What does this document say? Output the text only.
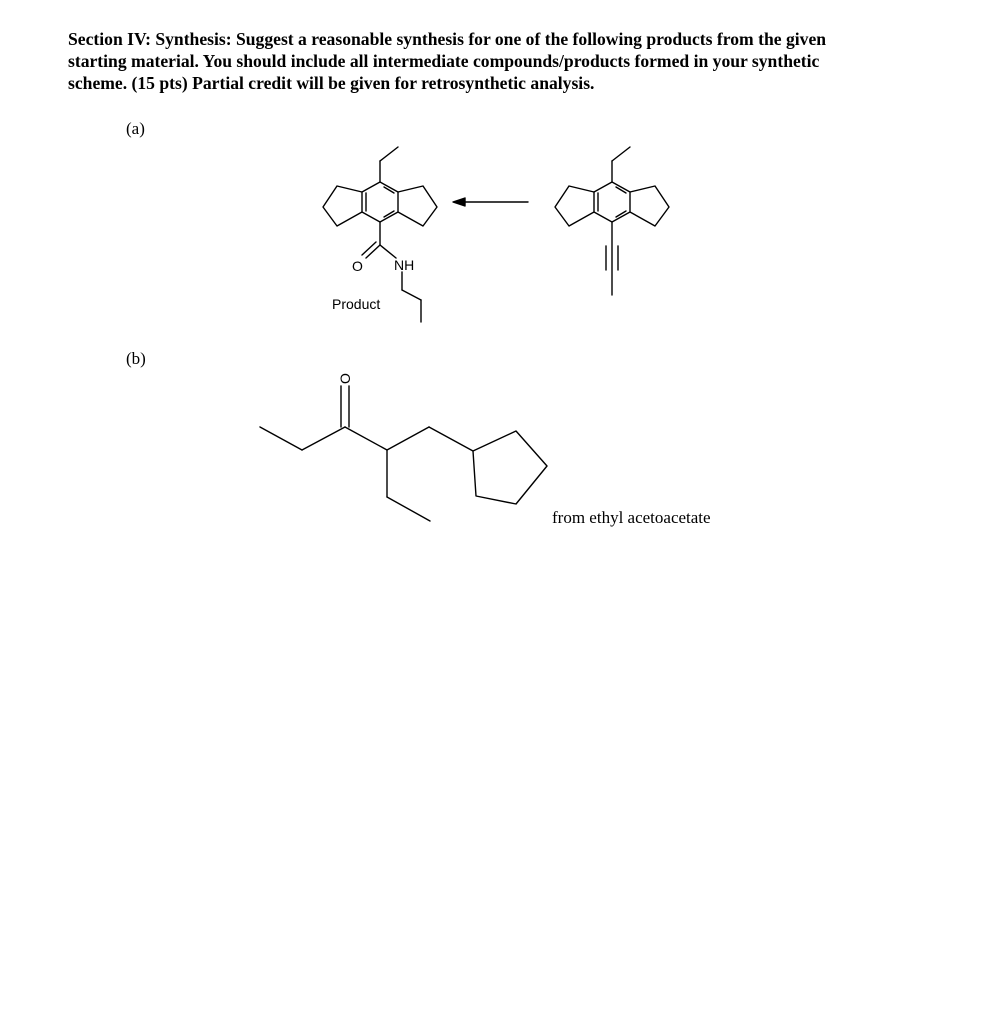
Section IV: Synthesis: Suggest a reasonable synthesis for one of the following products from the given
starting material. You should include all intermediate compounds/products formed in your synthetic
scheme. (15 pts) Partial credit will be given for retrosynthetic analysis.
(a)
(b)
O NH
Product
O
from ethyl acetoacetate
